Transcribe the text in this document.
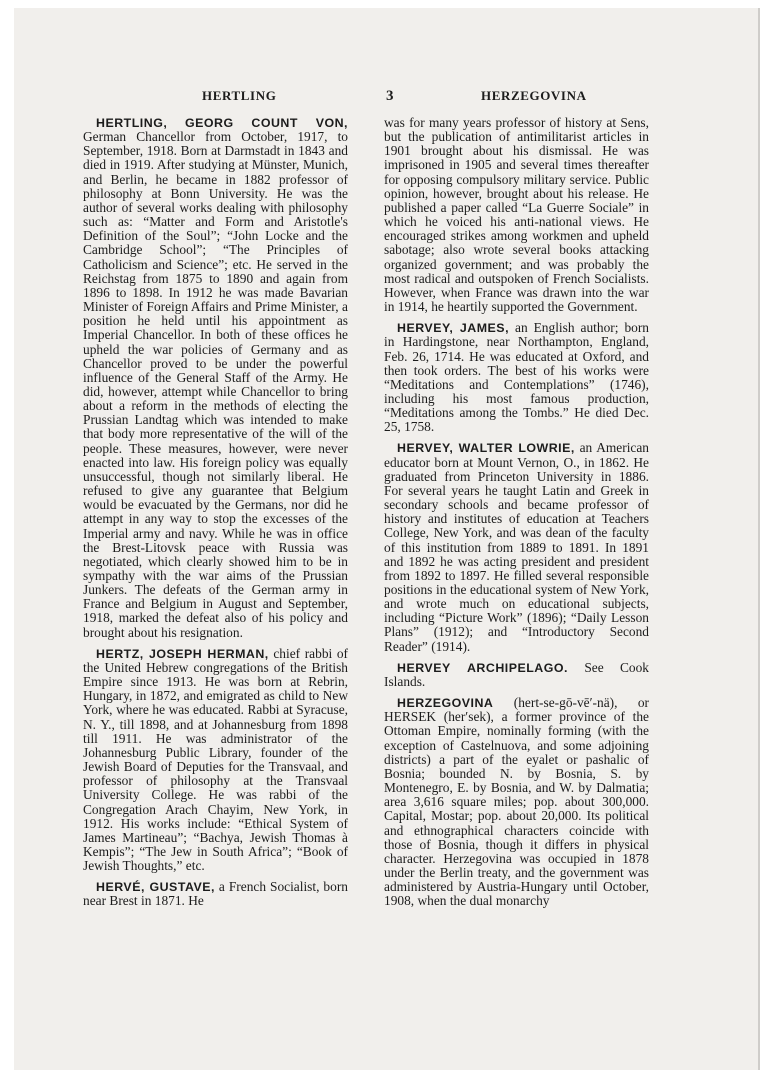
HERTLING	3	HERZEGOVINA

HERTLING, GEORG COUNT VON, German Chancellor from October, 1917, to September, 1918. Born at Darmstadt in 1843 and died in 1919. After studying at Münster, Munich, and Berlin, he became in 1882 professor of philosophy at Bonn University. He was the author of several works dealing with philosophy such as: “Matter and Form and Aristotle's Definition of the Soul”; “John Locke and the Cambridge School”; “The Principles of Catholicism and Science”; etc. He served in the Reichstag from 1875 to 1890 and again from 1896 to 1898. In 1912 he was made Bavarian Minister of Foreign Affairs and Prime Minister, a position he held until his appointment as Imperial Chancellor. In both of these offices he upheld the war policies of Germany and as Chancellor proved to be under the powerful influence of the General Staff of the Army. He did, however, attempt while Chancellor to bring about a reform in the methods of electing the Prussian Landtag which was intended to make that body more representative of the will of the people. These measures, however, were never enacted into law. His foreign policy was equally unsuccessful, though not similarly liberal. He refused to give any guarantee that Belgium would be evacuated by the Germans, nor did he attempt in any way to stop the excesses of the Imperial army and navy. While he was in office the Brest-Litovsk peace with Russia was negotiated, which clearly showed him to be in sympathy with the war aims of the Prussian Junkers. The defeats of the German army in France and Belgium in August and September, 1918, marked the defeat also of his policy and brought about his resignation.

HERTZ, JOSEPH HERMAN, chief rabbi of the United Hebrew congregations of the British Empire since 1913. He was born at Rebrin, Hungary, in 1872, and emigrated as child to New York, where he was educated. Rabbi at Syracuse, N. Y., till 1898, and at Johannesburg from 1898 till 1911. He was administrator of the Johannesburg Public Library, founder of the Jewish Board of Deputies for the Transvaal, and professor of philosophy at the Transvaal University College. He was rabbi of the Congregation Arach Chayim, New York, in 1912. His works include: “Ethical System of James Martineau”; “Bachya, Jewish Thomas à Kempis”; “The Jew in South Africa”; “Book of Jewish Thoughts,” etc.

HERVÉ, GUSTAVE, a French Socialist, born near Brest in 1871. He

was for many years professor of history at Sens, but the publication of antimilitarist articles in 1901 brought about his dismissal. He was imprisoned in 1905 and several times thereafter for opposing compulsory military service. Public opinion, however, brought about his release. He published a paper called “La Guerre Sociale” in which he voiced his anti-national views. He encouraged strikes among workmen and upheld sabotage; also wrote several books attacking organized government; and was probably the most radical and outspoken of French Socialists. However, when France was drawn into the war in 1914, he heartily supported the Government.

HERVEY, JAMES, an English author; born in Hardingstone, near Northampton, England, Feb. 26, 1714. He was educated at Oxford, and then took orders. The best of his works were “Meditations and Contemplations” (1746), including his most famous production, “Meditations among the Tombs.” He died Dec. 25, 1758.

HERVEY, WALTER LOWRIE, an American educator born at Mount Vernon, O., in 1862. He graduated from Princeton University in 1886. For several years he taught Latin and Greek in secondary schools and became professor of history and institutes of education at Teachers College, New York, and was dean of the faculty of this institution from 1889 to 1891. In 1891 and 1892 he was acting president and president from 1892 to 1897. He filled several responsible positions in the educational system of New York, and wrote much on educational subjects, including “Picture Work” (1896); “Daily Lesson Plans” (1912); and “Introductory Second Reader” (1914).

HERVEY ARCHIPELAGO. See Cook Islands.

HERZEGOVINA (hert-se-gō-vē′-nä), or HERSEK (her′sek), a former province of the Ottoman Empire, nominally forming (with the exception of Castelnuova, and some adjoining districts) a part of the eyalet or pashalic of Bosnia; bounded N. by Bosnia, S. by Montenegro, E. by Bosnia, and W. by Dalmatia; area 3,616 square miles; pop. about 300,000. Capital, Mostar; pop. about 20,000. Its political and ethnographical characters coincide with those of Bosnia, though it differs in physical character. Herzegovina was occupied in 1878 under the Berlin treaty, and the government was administered by Austria-Hungary until October, 1908, when the dual monarchy
